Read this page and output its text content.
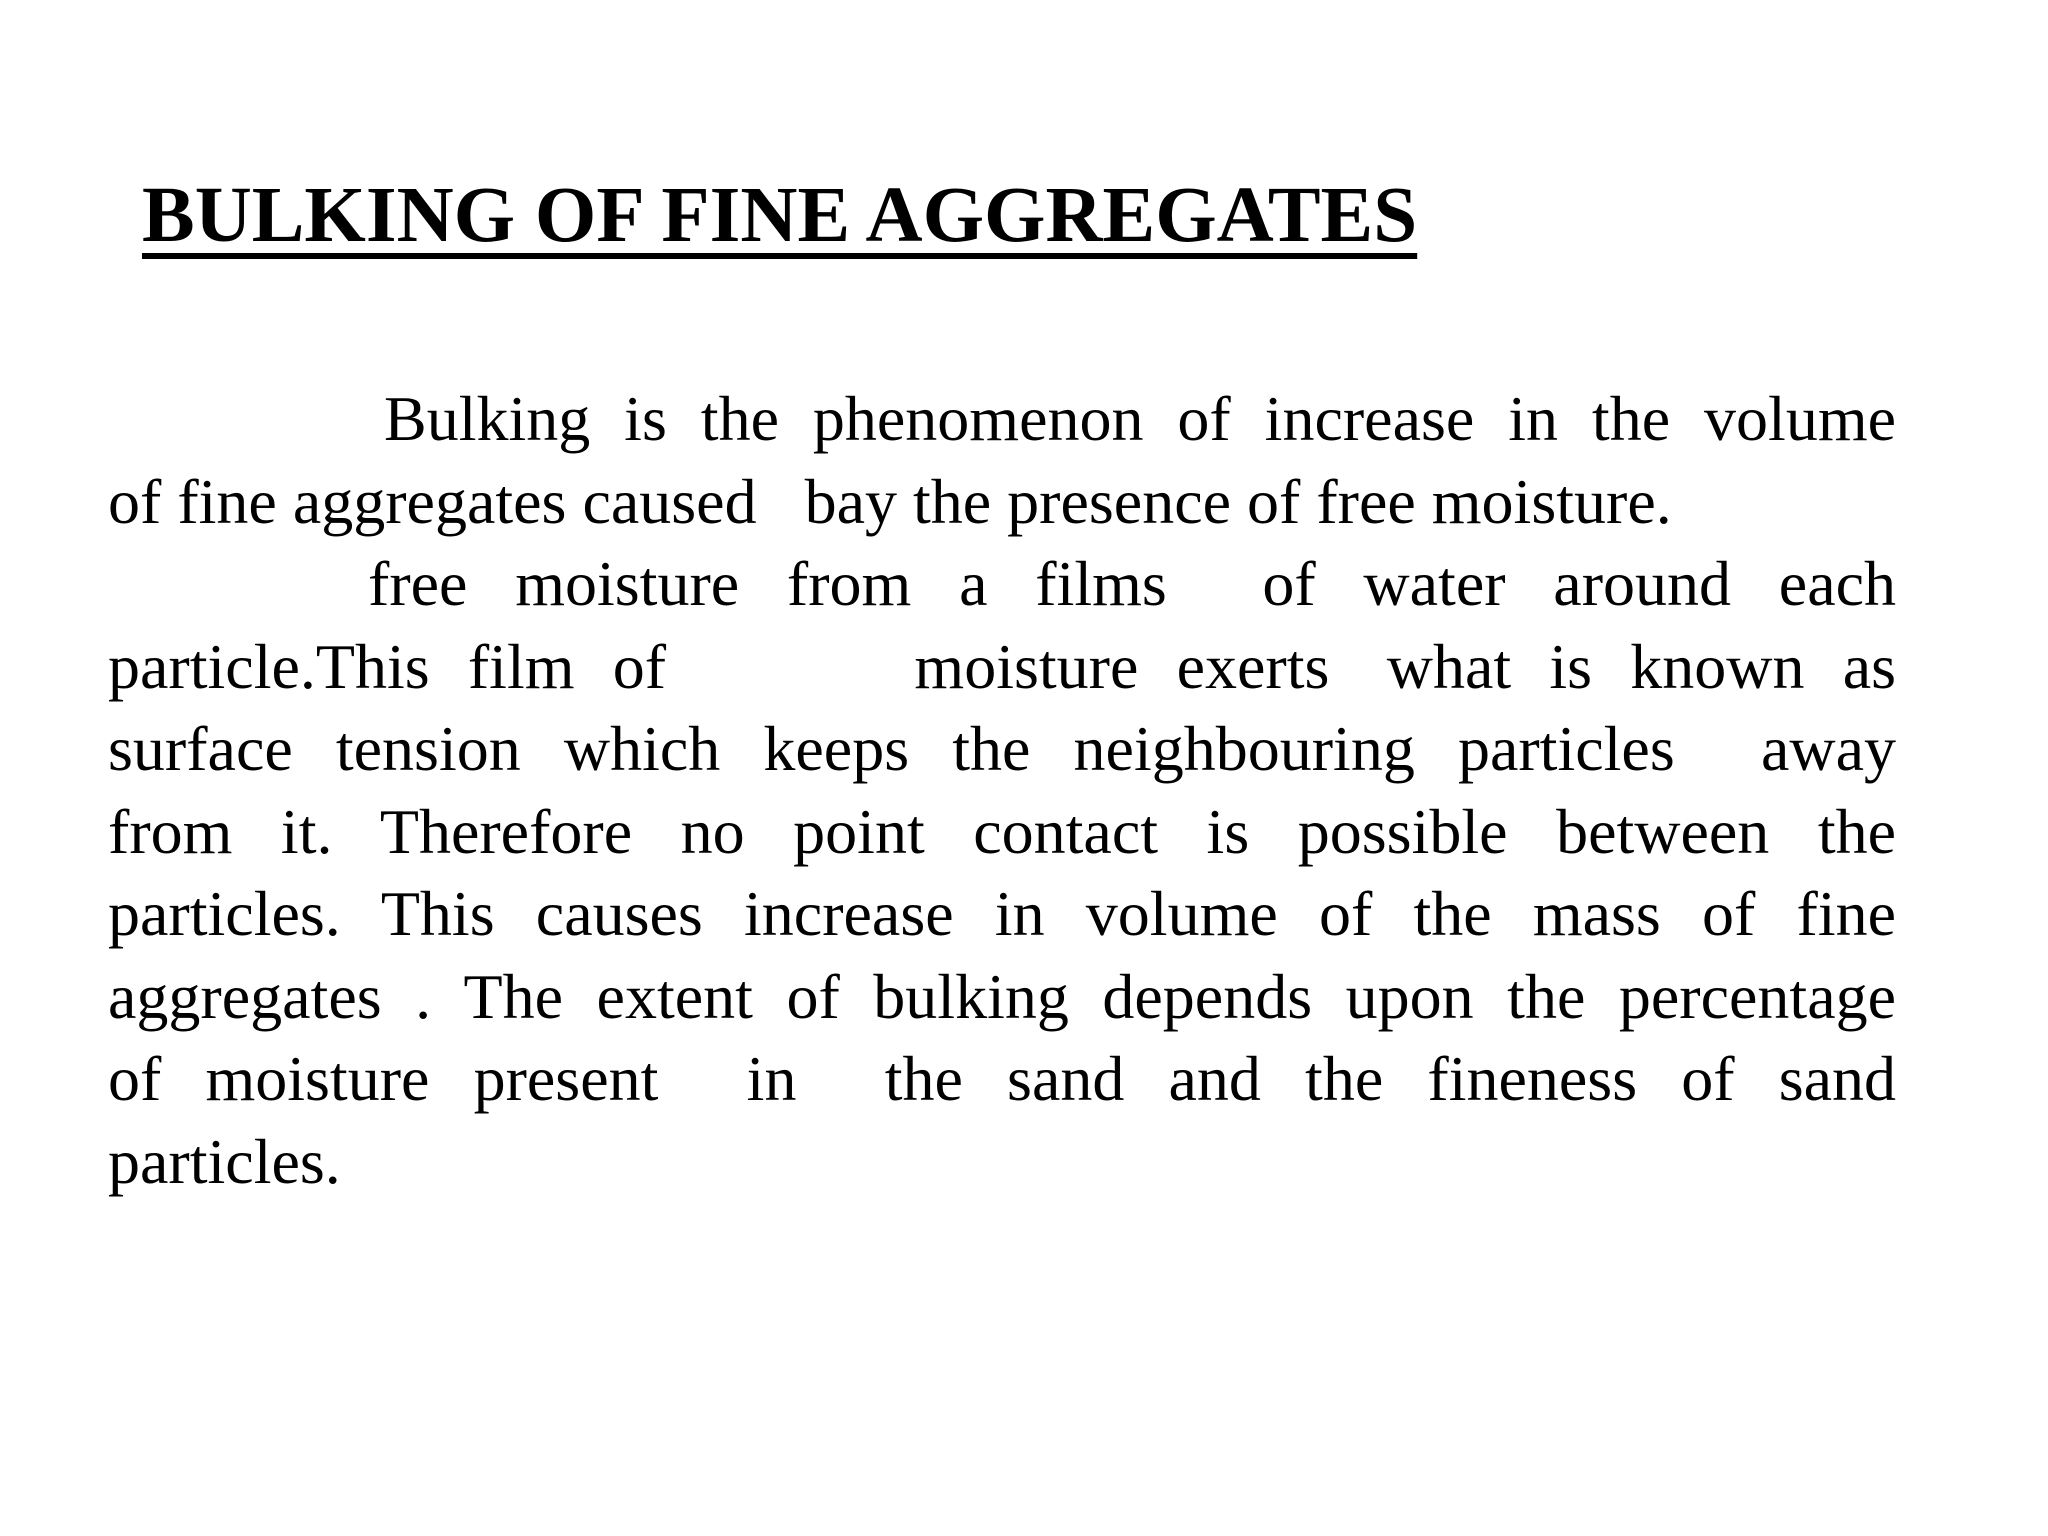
BULKING OF FINE AGGREGATES
Bulking is the phenomenon of increase in the volume
of fine aggregates caused   bay the presence of free moisture.
free  moisture  from  a  films    of  water  around  each
particle.This  film  of             moisture  exerts   what  is  known  as
surface  tension  which  keeps  the  neighbouring  particles    away
from  it.  Therefore  no  point  contact  is  possible  between  the
particles.  This  causes  increase  in  volume  of  the  mass  of  fine
aggregates . The extent of bulking depends upon the percentage
of  moisture  present    in    the  sand  and  the  fineness  of  sand
particles.
